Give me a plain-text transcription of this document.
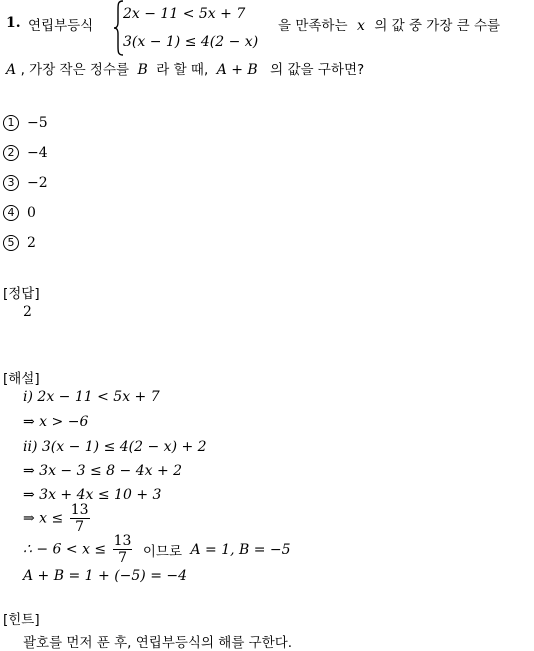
1. 연립부등식
2x − 11 < 5x + 7
3(x − 1) ≤ 4(2 − x)
을 만족하는 x 의 값 중 가장 큰 수를
A , 가장 작은 정수를 B 라 할 때, A + B 의 값을 구하면?
1 −5
2 −4
3 −2
4 0
5 2
[정답]
2
[해설]
i) 2x − 11 < 5x + 7
⇒ x > −6
ii) 3(x − 1) ≤ 4(2 − x) + 2
⇒ 3x − 3 ≤ 8 − 4x + 2
⇒ 3x + 4x ≤ 10 + 3
⇒ $x \le \frac{13}{7}$
∴ − $6 < x \le \frac{13}{7}$ 이므로 A = 1, B = −5
A + B = 1 + (−5) = −4
[힌트]
괄호를 먼저 푼 후, 연립부등식의 해를 구한다.
